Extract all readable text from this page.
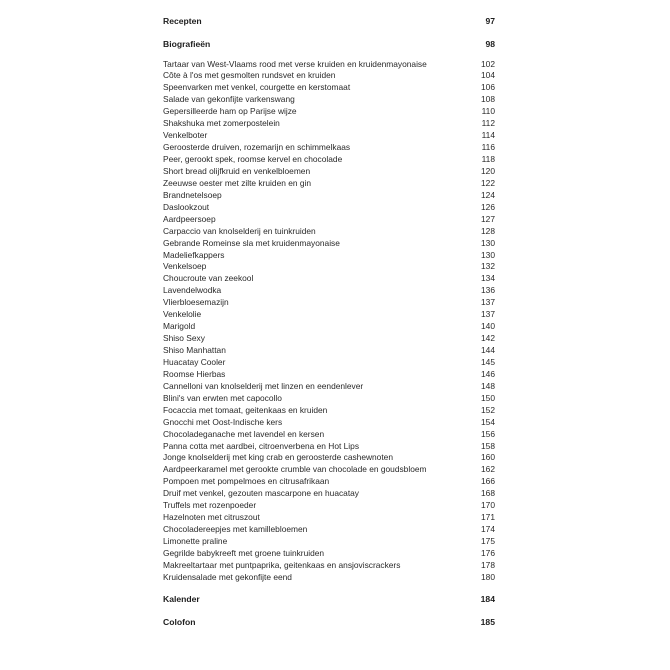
Recepten	97
Biografieën	98
Tartaar van West-Vlaams rood met verse kruiden en kruidenmayonaise	102
Côte à l'os met gesmolten rundsvet en kruiden	104
Speenvarken met venkel, courgette en kerstomaat	106
Salade van gekonfijte varkenswang	108
Gepersilleerde ham op Parijse wijze	110
Shakshuka met zomerpostelein	112
Venkelboter	114
Geroosterde druiven, rozemarijn en schimmelkaas	116
Peer, gerookt spek, roomse kervel en chocolade	118
Short bread olijfkruid en venkelbloemen	120
Zeeuwse oester met zilte kruiden en gin	122
Brandnetelsoep	124
Daslookzout	126
Aardpeersoep	127
Carpaccio van knolselderij en tuinkruiden	128
Gebrande Romeinse sla met kruidenmayonaise	130
Madeliefkappers	130
Venkelsoep	132
Choucroute van zeekool	134
Lavendelwodka	136
Vlierbloesemazijn	137
Venkelolie	137
Marigold	140
Shiso Sexy	142
Shiso Manhattan	144
Huacatay Cooler	145
Roomse Hierbas	146
Cannelloni van knolselderij met linzen en eendenlever	148
Blini's van erwten met capocollo	150
Focaccia met tomaat, geitenkaas en kruiden	152
Gnocchi met Oost-Indische kers	154
Chocoladeganache met lavendel en kersen	156
Panna cotta met aardbei, citroenverbena en Hot Lips	158
Jonge knolselderij met king crab en geroosterde cashewnoten	160
Aardpeerkaramel met gerookte crumble van chocolade en goudsbloem	162
Pompoen met pompelmoes en citrusafrikaan	166
Druif met venkel, gezouten mascarpone en huacatay	168
Truffels met rozenpoeder	170
Hazelnoten met citruszout	171
Chocoladereepjes met kamillebloemen	174
Limonette praline	175
Gegrilde babykreeft met groene tuinkruiden	176
Makreeltartaar met puntpaprika, geitenkaas en ansjoviscrackers	178
Kruidensalade met gekonfijte eend	180
Kalender	184
Colofon	185
